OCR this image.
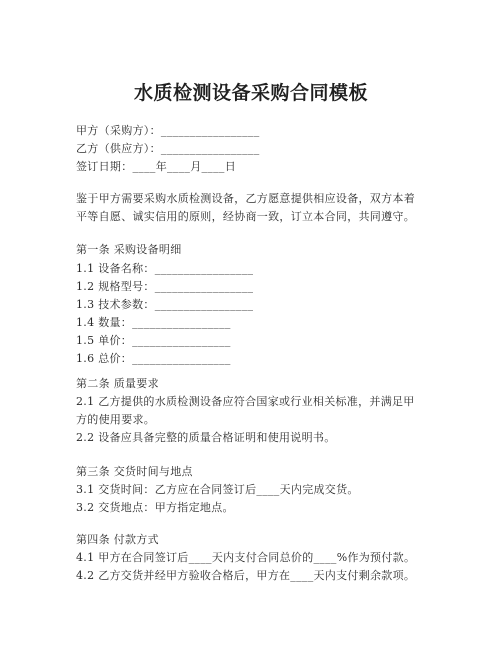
水质检测设备采购合同模板
甲方（采购方）：_________________
乙方（供应方）：_________________
签订日期：____年____月____日
鉴于甲方需要采购水质检测设备，乙方愿意提供相应设备，双方本着
平等自愿、诚实信用的原则，经协商一致，订立本合同，共同遵守。
第一条 采购设备明细
1.1 设备名称：_________________
1.2 规格型号：_________________
1.3 技术参数：_________________
1.4 数量：_________________
1.5 单价：_________________
1.6 总价：_________________
第二条 质量要求
2.1 乙方提供的水质检测设备应符合国家或行业相关标准，并满足甲
方的使用要求。
2.2 设备应具备完整的质量合格证明和使用说明书。
第三条 交货时间与地点
3.1 交货时间：乙方应在合同签订后____天内完成交货。
3.2 交货地点：甲方指定地点。
第四条 付款方式
4.1 甲方在合同签订后____天内支付合同总价的____%作为预付款。
4.2 乙方交货并经甲方验收合格后，甲方在____天内支付剩余款项。
